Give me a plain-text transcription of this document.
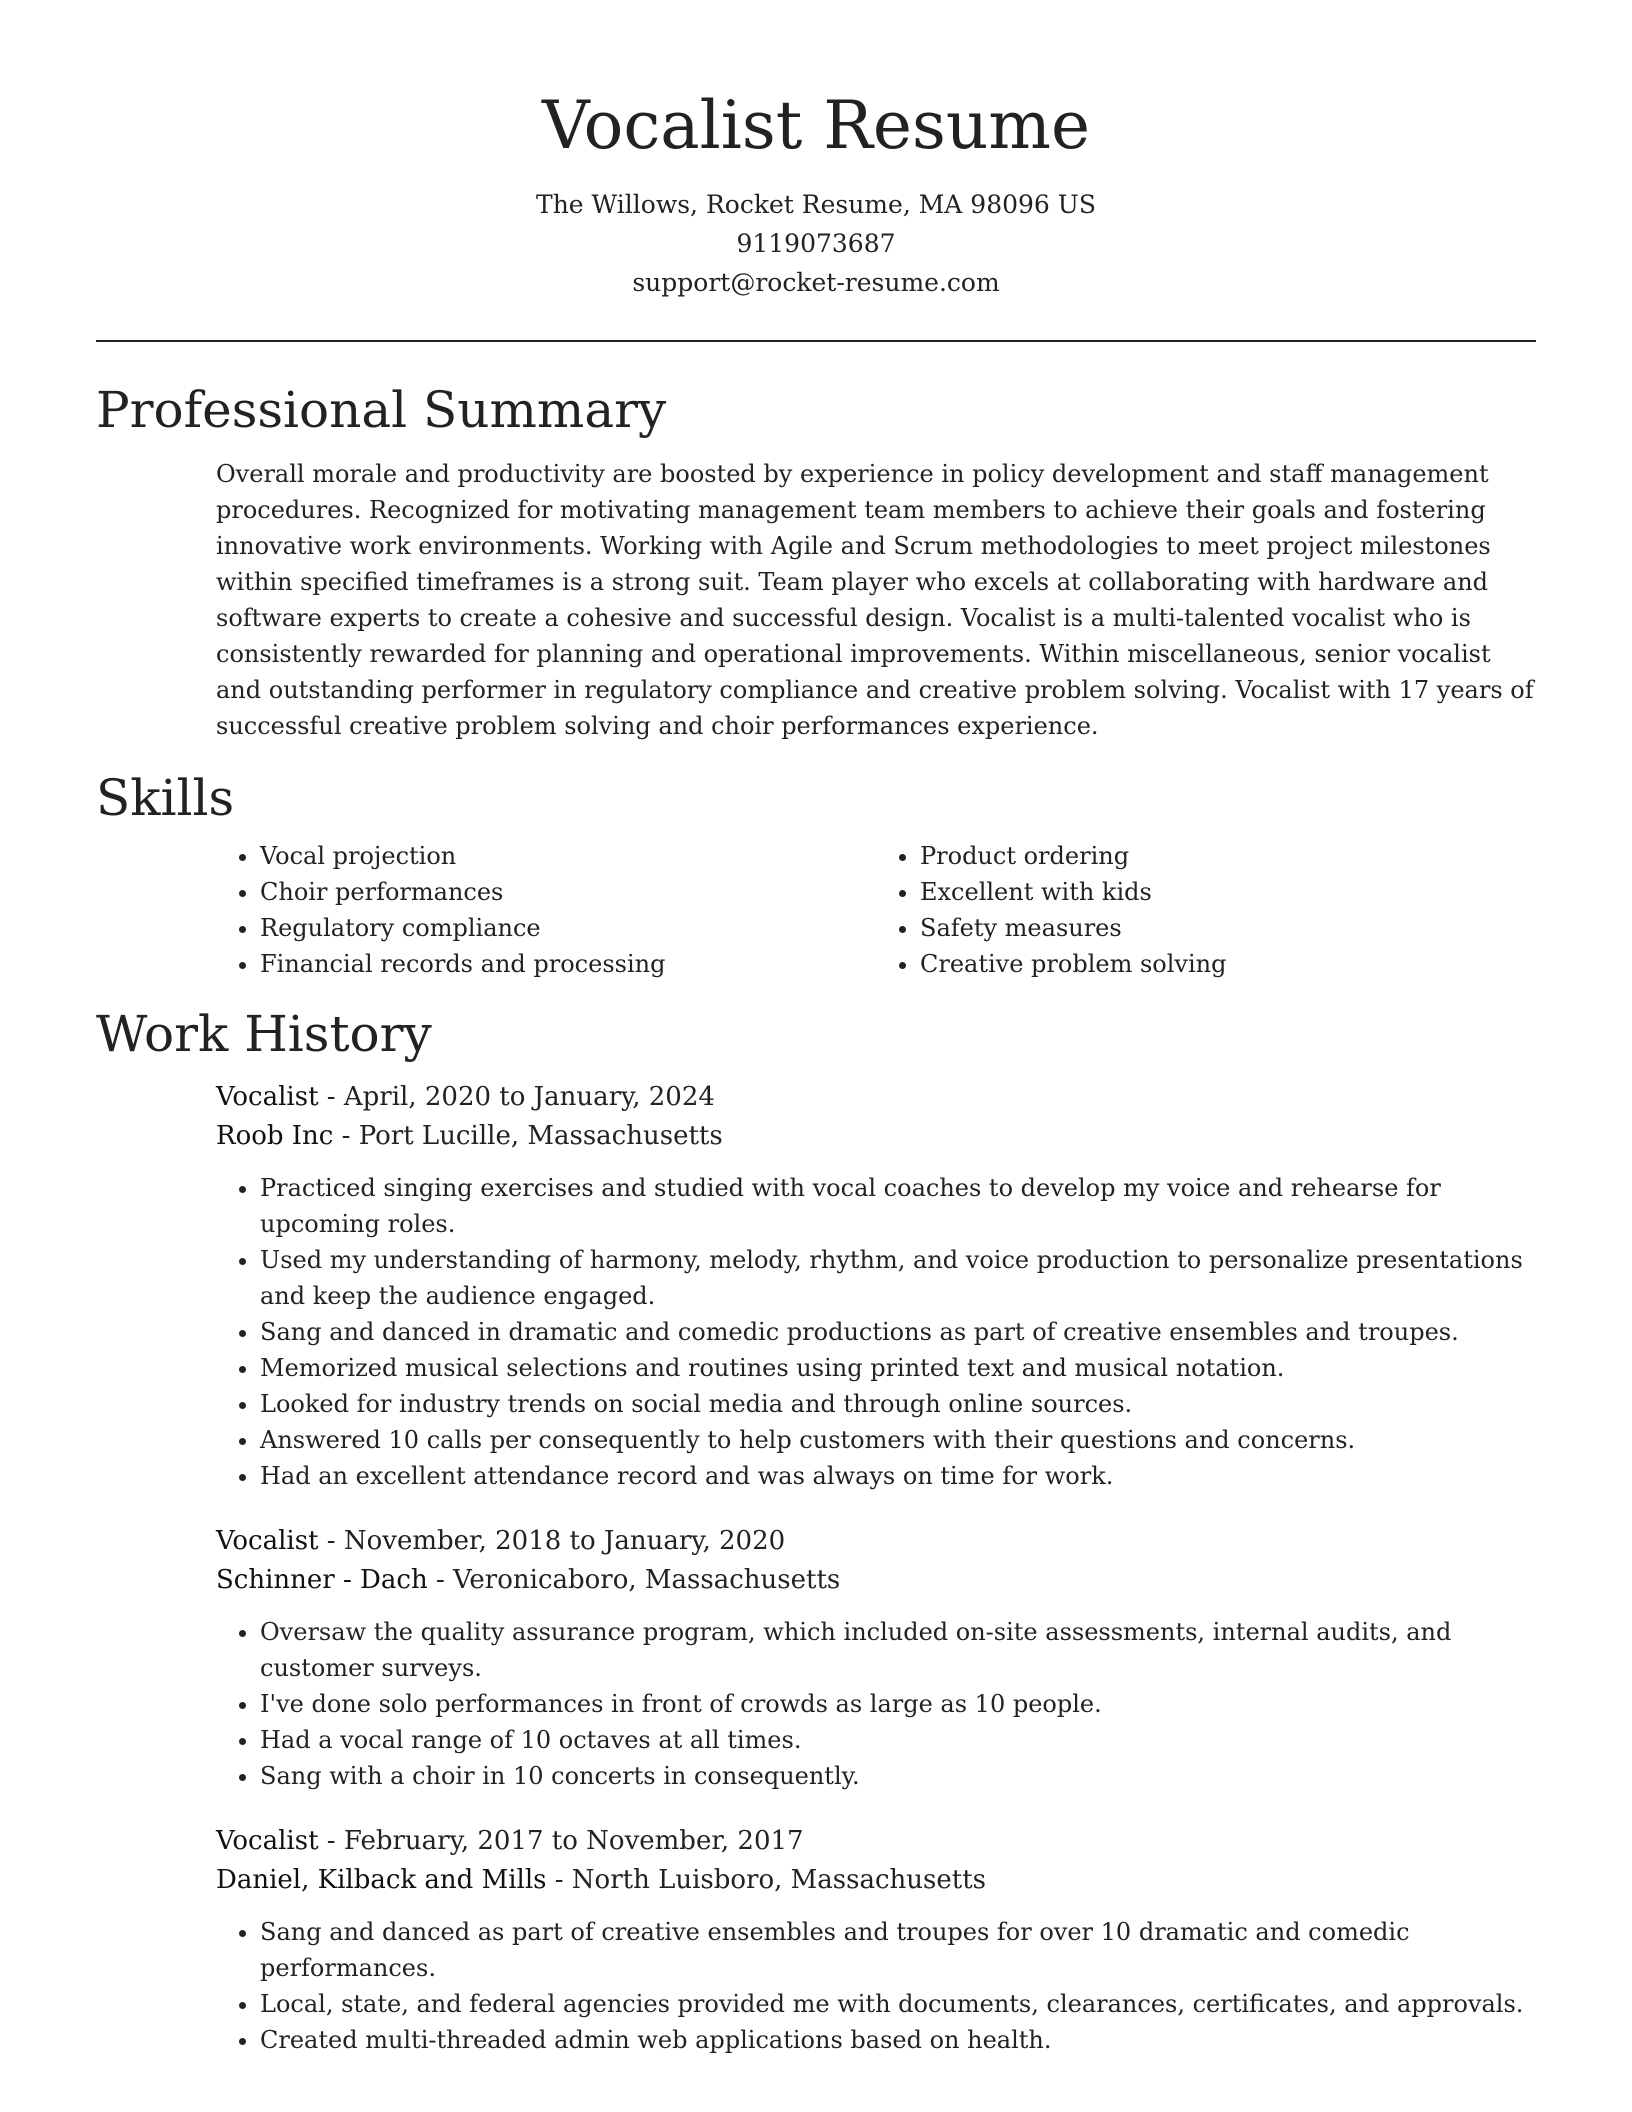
Vocalist Resume

The Willows, Rocket Resume, MA 98096 US

9119073687

support@rocket-resume.com

Professional Summary

Overall morale and productivity are boosted by experience in policy development and staff management procedures. Recognized for motivating management team members to achieve their goals and fostering innovative work environments. Working with Agile and Scrum methodologies to meet project milestones within specified timeframes is a strong suit. Team player who excels at collaborating with hardware and software experts to create a cohesive and successful design. Vocalist is a multi-talented vocalist who is consistently rewarded for planning and operational improvements. Within miscellaneous, senior vocalist and outstanding performer in regulatory compliance and creative problem solving. Vocalist with 17 years of successful creative problem solving and choir performances experience.

Skills
• Vocal projection
• Choir performances
• Regulatory compliance
• Financial records and processing
• Product ordering
• Excellent with kids
• Safety measures
• Creative problem solving
Work History

Vocalist - April, 2020 to January, 2024

Roob Inc - Port Lucille, Massachusetts

• Practiced singing exercises and studied with vocal coaches to develop my voice and rehearse for upcoming roles.
• Used my understanding of harmony, melody, rhythm, and voice production to personalize presentations and keep the audience engaged.
• Sang and danced in dramatic and comedic productions as part of creative ensembles and troupes.
• Memorized musical selections and routines using printed text and musical notation.
• Looked for industry trends on social media and through online sources.
• Answered 10 calls per consequently to help customers with their questions and concerns.
• Had an excellent attendance record and was always on time for work.

Vocalist - November, 2018 to January, 2020

Schinner - Dach - Veronicaboro, Massachusetts

• Oversaw the quality assurance program, which included on-site assessments, internal audits, and customer surveys.
• I've done solo performances in front of crowds as large as 10 people.
• Had a vocal range of 10 octaves at all times.
• Sang with a choir in 10 concerts in consequently.

Vocalist - February, 2017 to November, 2017

Daniel, Kilback and Mills - North Luisboro, Massachusetts

• Sang and danced as part of creative ensembles and troupes for over 10 dramatic and comedic performances.
• Local, state, and federal agencies provided me with documents, clearances, certificates, and approvals.
• Created multi-threaded admin web applications based on health.
